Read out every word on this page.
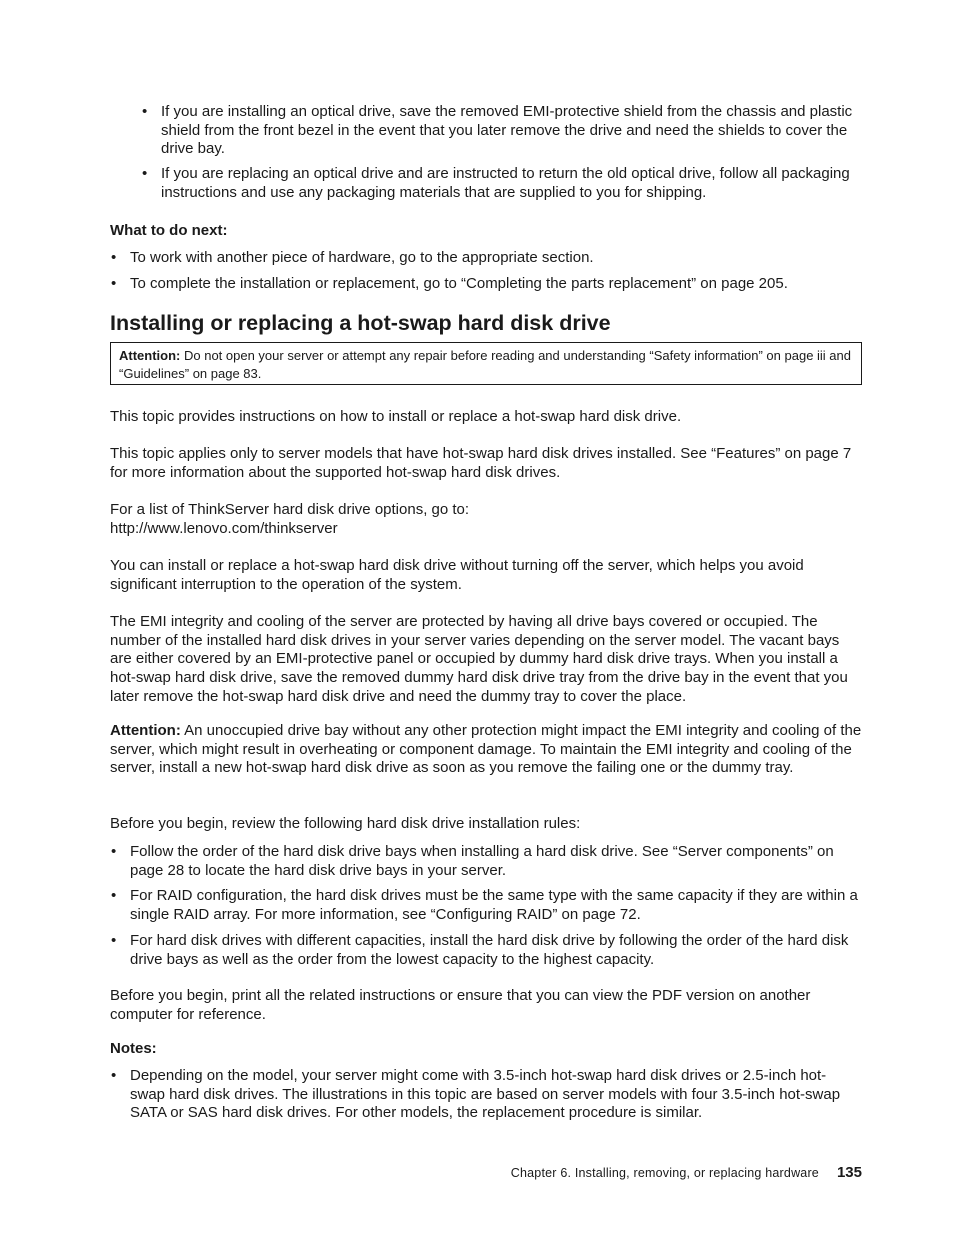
• If you are installing an optical drive, save the removed EMI-protective shield from the chassis and plastic shield from the front bezel in the event that you later remove the drive and need the shields to cover the drive bay.
• If you are replacing an optical drive and are instructed to return the old optical drive, follow all packaging instructions and use any packaging materials that are supplied to you for shipping.
What to do next:
• To work with another piece of hardware, go to the appropriate section.
• To complete the installation or replacement, go to “Completing the parts replacement” on page 205.
Installing or replacing a hot-swap hard disk drive
Attention: Do not open your server or attempt any repair before reading and understanding “Safety information” on page iii and “Guidelines” on page 83.

This topic provides instructions on how to install or replace a hot-swap hard disk drive.

This topic applies only to server models that have hot-swap hard disk drives installed. See “Features” on page 7 for more information about the supported hot-swap hard disk drives.

For a list of ThinkServer hard disk drive options, go to:
http://www.lenovo.com/thinkserver

You can install or replace a hot-swap hard disk drive without turning off the server, which helps you avoid significant interruption to the operation of the system.

The EMI integrity and cooling of the server are protected by having all drive bays covered or occupied. The number of the installed hard disk drives in your server varies depending on the server model. The vacant bays are either covered by an EMI-protective panel or occupied by dummy hard disk drive trays. When you install a hot-swap hard disk drive, save the removed dummy hard disk drive tray from the drive bay in the event that you later remove the hot-swap hard disk drive and need the dummy tray to cover the place.

Attention: An unoccupied drive bay without any other protection might impact the EMI integrity and cooling of the server, which might result in overheating or component damage. To maintain the EMI integrity and cooling of the server, install a new hot-swap hard disk drive as soon as you remove the failing one or the dummy tray.

Before you begin, review the following hard disk drive installation rules:

• Follow the order of the hard disk drive bays when installing a hard disk drive. See “Server components” on page 28 to locate the hard disk drive bays in your server.
• For RAID configuration, the hard disk drives must be the same type with the same capacity if they are within a single RAID array. For more information, see “Configuring RAID” on page 72.
• For hard disk drives with different capacities, install the hard disk drive by following the order of the hard disk drive bays as well as the order from the lowest capacity to the highest capacity.

Before you begin, print all the related instructions or ensure that you can view the PDF version on another computer for reference.

Notes:
• Depending on the model, your server might come with 3.5-inch hot-swap hard disk drives or 2.5-inch hot-swap hard disk drives. The illustrations in this topic are based on server models with four 3.5-inch hot-swap SATA or SAS hard disk drives. For other models, the replacement procedure is similar.
Chapter 6. Installing, removing, or replacing hardware 135
